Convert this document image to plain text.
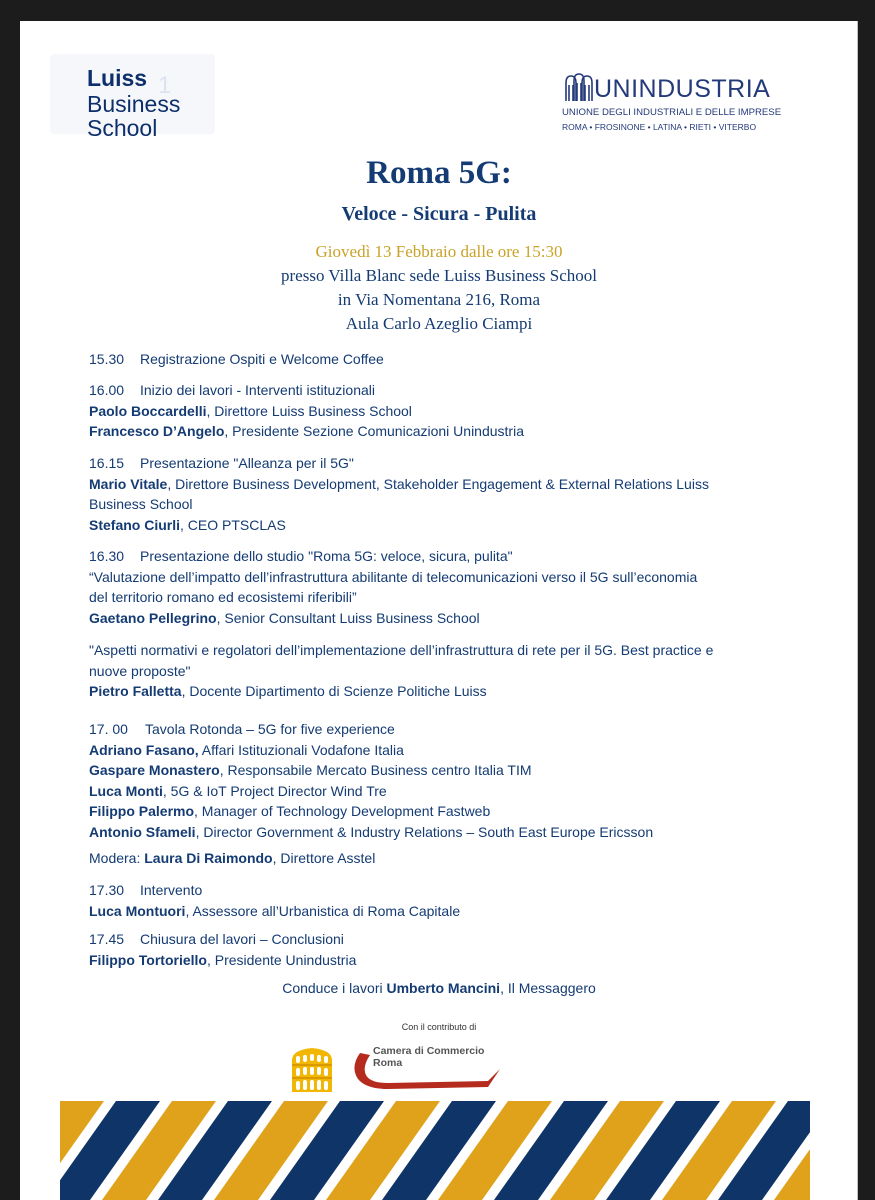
1
Luiss
Business
School
UNINDUSTRIA
UNIONE DEGLI INDUSTRIALI E DELLE IMPRESE
ROMA • FROSINONE • LATINA • RIETI • VITERBO
Roma 5G:
Veloce - Sicura - Pulita
Giovedì 13 Febbraio dalle ore 15:30
presso Villa Blanc sede Luiss Business School
in Via Nomentana 216, Roma
Aula Carlo Azeglio Ciampi
15.30 Registrazione Ospiti e Welcome Coffee
16.00 Inizio dei lavori - Interventi istituzionali
Paolo Boccardelli, Direttore Luiss Business School
Francesco D’Angelo, Presidente Sezione Comunicazioni Unindustria
16.15 Presentazione "Alleanza per il 5G"
Mario Vitale, Direttore Business Development, Stakeholder Engagement & External Relations Luiss
Business School
Stefano Ciurli, CEO PTSCLAS
16.30 Presentazione dello studio "Roma 5G: veloce, sicura, pulita"
“Valutazione dell’impatto dell’infrastruttura abilitante di telecomunicazioni verso il 5G sull’economia
del territorio romano ed ecosistemi riferibili”
Gaetano Pellegrino, Senior Consultant Luiss Business School
"Aspetti normativi e regolatori dell’implementazione dell’infrastruttura di rete per il 5G. Best practice e
nuove proposte"
Pietro Falletta, Docente Dipartimento di Scienze Politiche Luiss
17. 00 Tavola Rotonda – 5G for five experience
Adriano Fasano, Affari Istituzionali Vodafone Italia
Gaspare Monastero, Responsabile Mercato Business centro Italia TIM
Luca Monti, 5G & IoT Project Director Wind Tre
Filippo Palermo, Manager of Technology Development Fastweb
Antonio Sfameli, Director Government & Industry Relations – South East Europe Ericsson
Modera: Laura Di Raimondo, Direttore Asstel
17.30 Intervento
Luca Montuori, Assessore all’Urbanistica di Roma Capitale
17.45 Chiusura del lavori – Conclusioni
Filippo Tortoriello, Presidente Unindustria
Conduce i lavori Umberto Mancini, Il Messaggero
Con il contributo di
Camera di Commercio
Roma
